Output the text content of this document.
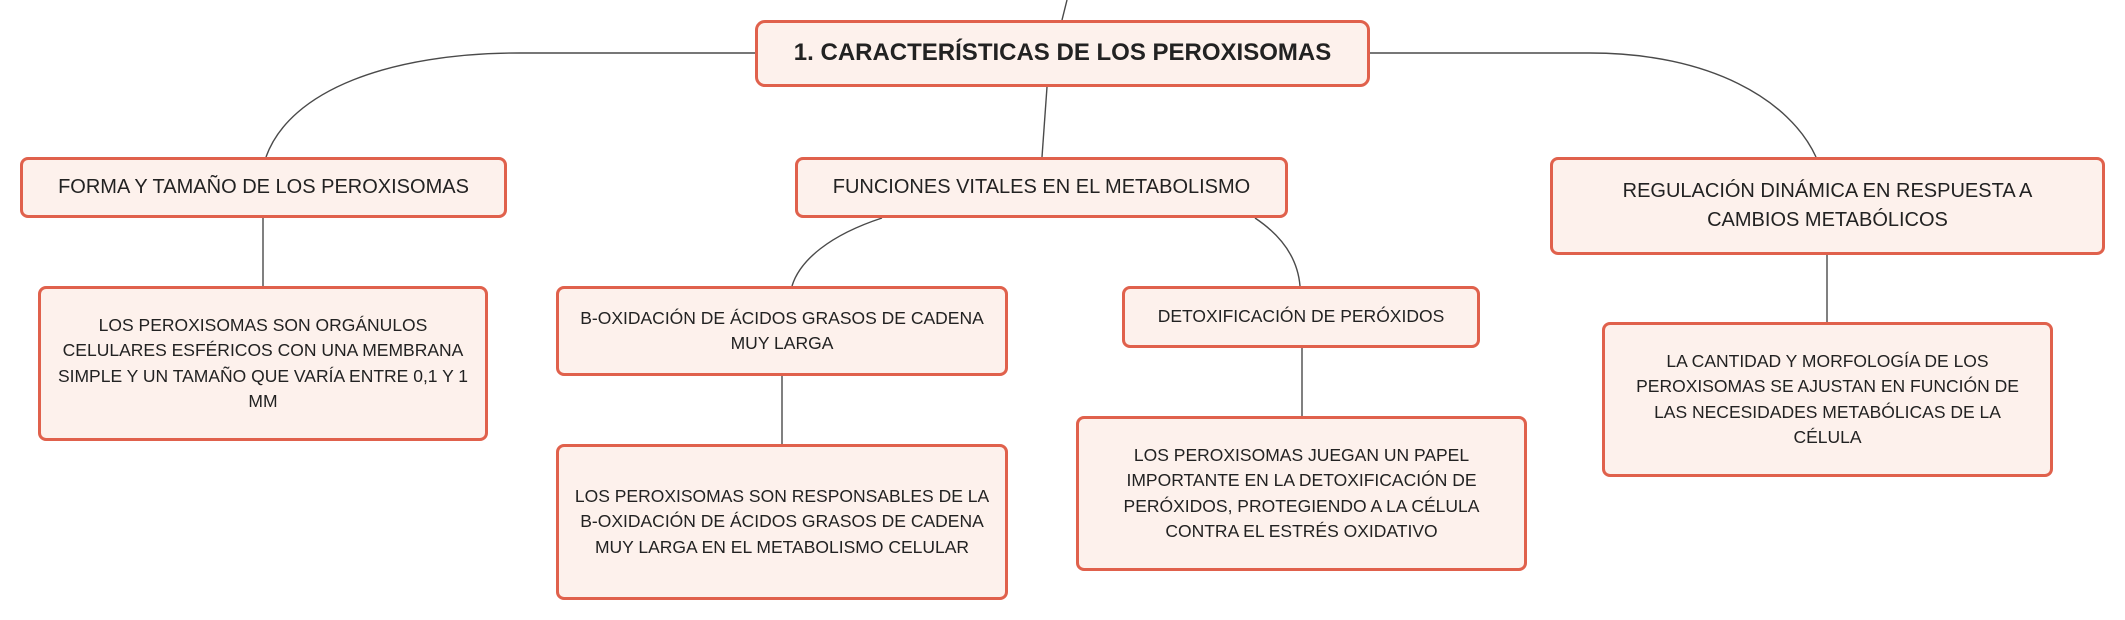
1. CARACTERÍSTICAS DE LOS PEROXISOMAS
FORMA Y TAMAÑO DE LOS PEROXISOMAS	FUNCIONES VITALES EN EL METABOLISMO	REGULACIÓN DINÁMICA EN RESPUESTA A CAMBIOS METABÓLICOS
LOS PEROXISOMAS SON ORGÁNULOS CELULARES ESFÉRICOS CON UNA MEMBRANA SIMPLE Y UN TAMAÑO QUE VARÍA ENTRE 0,1 Y 1 MM
Β-OXIDACIÓN DE ÁCIDOS GRASOS DE CADENA MUY LARGA
DETOXIFICACIÓN DE PERÓXIDOS
LOS PEROXISOMAS SON RESPONSABLES DE LA Β-OXIDACIÓN DE ÁCIDOS GRASOS DE CADENA MUY LARGA EN EL METABOLISMO CELULAR
LOS PEROXISOMAS JUEGAN UN PAPEL IMPORTANTE EN LA DETOXIFICACIÓN DE PERÓXIDOS, PROTEGIENDO A LA CÉLULA CONTRA EL ESTRÉS OXIDATIVO
LA CANTIDAD Y MORFOLOGÍA DE LOS PEROXISOMAS SE AJUSTAN EN FUNCIÓN DE LAS NECESIDADES METABÓLICAS DE LA CÉLULA
